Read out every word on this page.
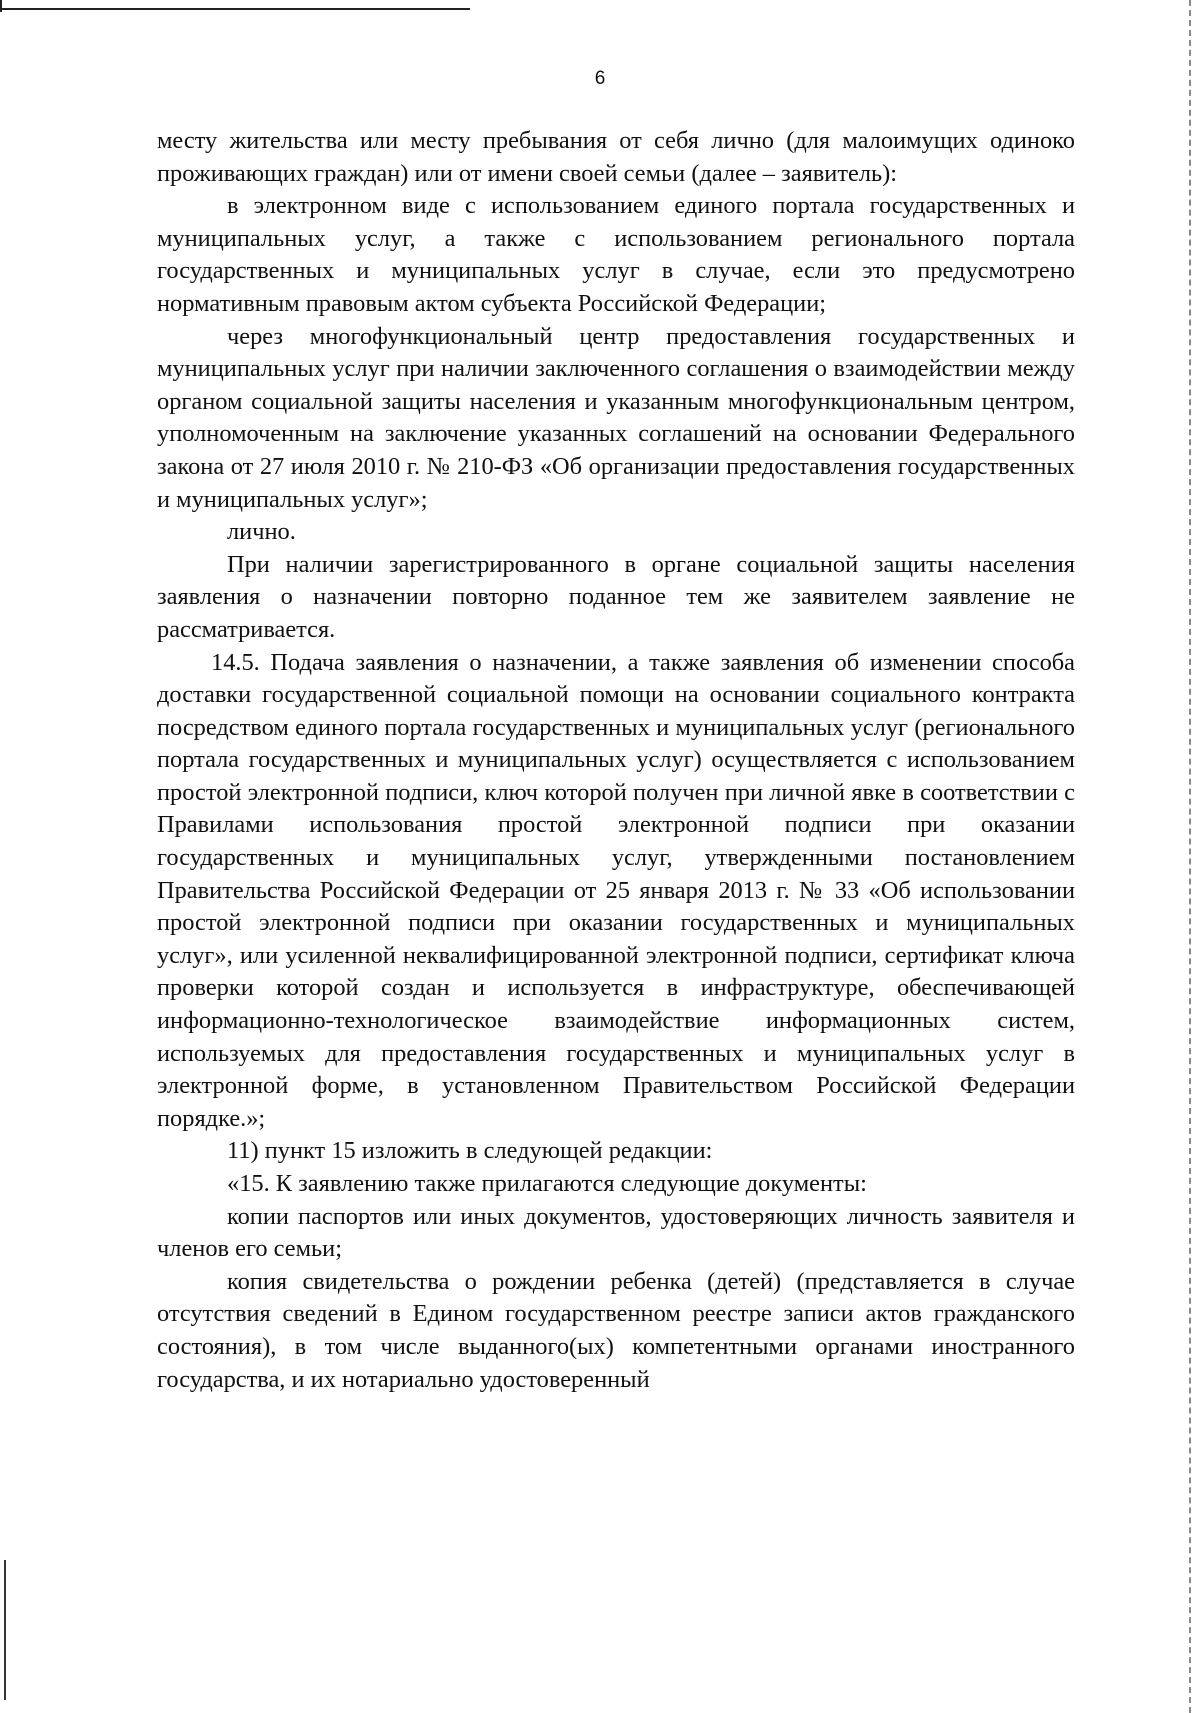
6

месту жительства или месту пребывания от себя лично (для малоимущих одиноко проживающих граждан) или от имени своей семьи (далее – заявитель):

в электронном виде с использованием единого портала государственных и муниципальных услуг, а также с использованием регионального портала государственных и муниципальных услуг в случае, если это предусмотрено нормативным правовым актом субъекта Российской Федерации;

через многофункциональный центр предоставления государственных и муниципальных услуг при наличии заключенного соглашения о взаимодействии между органом социальной защиты населения и указанным многофункциональным центром, уполномоченным на заключение указанных соглашений на основании Федерального закона от 27 июля 2010 г. № 210-ФЗ «Об организации предоставления государственных и муниципальных услуг»;

лично.

При наличии зарегистрированного в органе социальной защиты населения заявления о назначении повторно поданное тем же заявителем заявление не рассматривается.

14.5. Подача заявления о назначении, а также заявления об изменении способа доставки государственной социальной помощи на основании социального контракта посредством единого портала государственных и муниципальных услуг (регионального портала государственных и муниципальных услуг) осуществляется с использованием простой электронной подписи, ключ которой получен при личной явке в соответствии с Правилами использования простой электронной подписи при оказании государственных и муниципальных услуг, утвержденными постановлением Правительства Российской Федерации от 25 января 2013 г. № 33 «Об использовании простой электронной подписи при оказании государственных и муниципальных услуг», или усиленной неквалифицированной электронной подписи, сертификат ключа проверки которой создан и используется в инфраструктуре, обеспечивающей информационно-технологическое взаимодействие информационных систем, используемых для предоставления государственных и муниципальных услуг в электронной форме, в установленном Правительством Российской Федерации порядке.»;

11) пункт 15 изложить в следующей редакции:

«15. К заявлению также прилагаются следующие документы:

копии паспортов или иных документов, удостоверяющих личность заявителя и членов его семьи;

копия свидетельства о рождении ребенка (детей) (представляется в случае отсутствия сведений в Едином государственном реестре записи актов гражданского состояния), в том числе выданного(ых) компетентными органами иностранного государства, и их нотариально удостоверенный
